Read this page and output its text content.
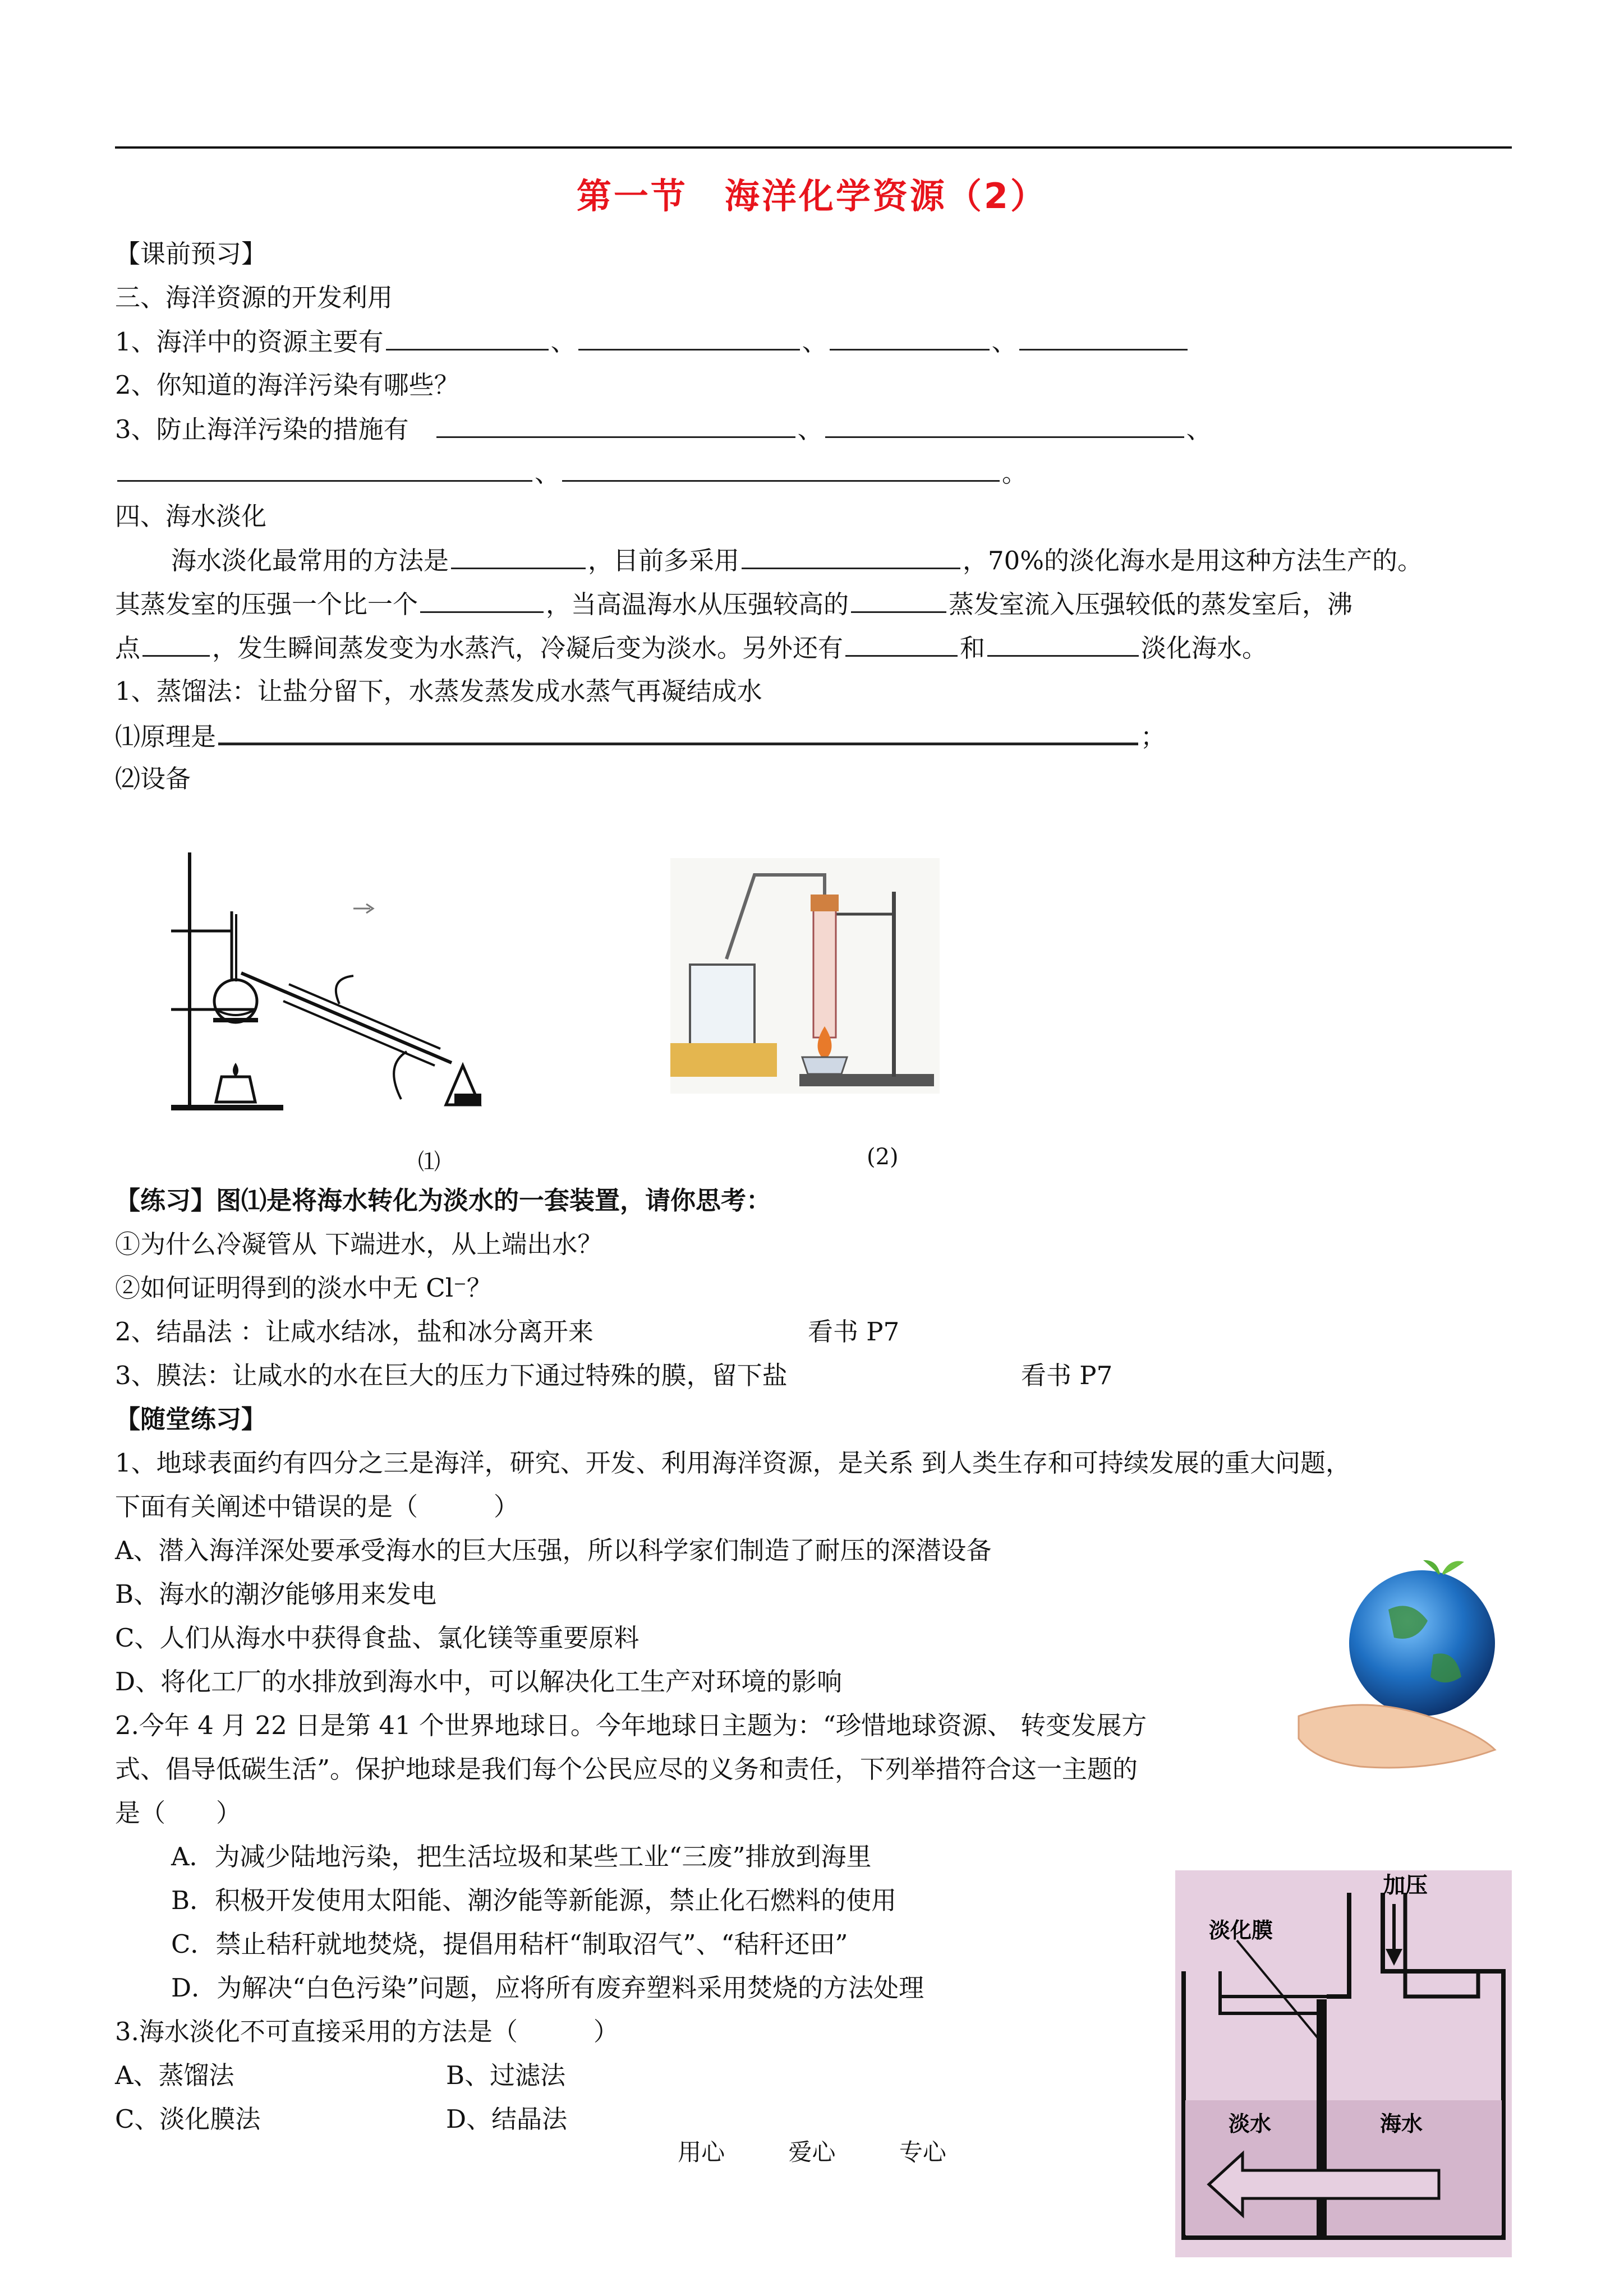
第一节　海洋化学资源（2）
【课前预习】
三、海洋资源的开发利用
1、海洋中的资源主要有	、	、	、
2、你知道的海洋污染有哪些？
3、防止海洋污染的措施有　	、	、
、	。
四、海水淡化
海水淡化最常用的方法是	，目前多采用	，70%的淡化海水是用这种方法生产的。
其蒸发室的压强一个比一个	，当高温海水从压强较高的	蒸发室流入压强较低的蒸发室后，沸
点	，发生瞬间蒸发变为水蒸汽，冷凝后变为淡水。另外还有	和	淡化海水。
1、蒸馏法：让盐分留下，水蒸发蒸发成水蒸气再凝结成水
⑴原理是	；
⑵设备
⑴	(2)
【练习】图⑴是将海水转化为淡水的一套装置，请你思考：
①为什么冷凝管从 下端进水，从上端出水？
②如何证明得到的淡水中无 Cl⁻？
2、结晶法 ：让咸水结冰，盐和冰分离开来	看书 P7
3、膜法：让咸水的水在巨大的压力下通过特殊的膜，留下盐	看书 P7
【随堂练习】
1、地球表面约有四分之三是海洋，研究、开发、利用海洋资源，是关系 到人类生存和可持续发展的重大问题，
下面有关阐述中错误的是（　　　）
A、潜入海洋深处要承受海水的巨大压强，所以科学家们制造了耐压的深潜设备
B、海水的潮汐能够用来发电
C、人们从海水中获得食盐、氯化镁等重要原料
D、将化工厂的水排放到海水中，可以解决化工生产对环境的影响
2.今年 4 月 22 日是第 41 个世界地球日。今年地球日主题为：“珍惜地球资源、 转变发展方
式、倡导低碳生活”。保护地球是我们每个公民应尽的义务和责任，下列举措符合这一主题的
是（　　）
A．为减少陆地污染，把生活垃圾和某些工业“三废”排放到海里
B．积极开发使用太阳能、潮汐能等新能源，禁止化石燃料的使用
C．禁止秸秆就地焚烧，提倡用秸杆“制取沼气”、“秸秆还田”
D．为解决“白色污染”问题，应将所有废弃塑料采用焚烧的方法处理
3.海水淡化不可直接采用的方法是（　　　）
A、蒸馏法	B、过滤法
C、淡化膜法	D、结晶法
加压
淡化膜
淡水	海水
用心	爱心	专心
